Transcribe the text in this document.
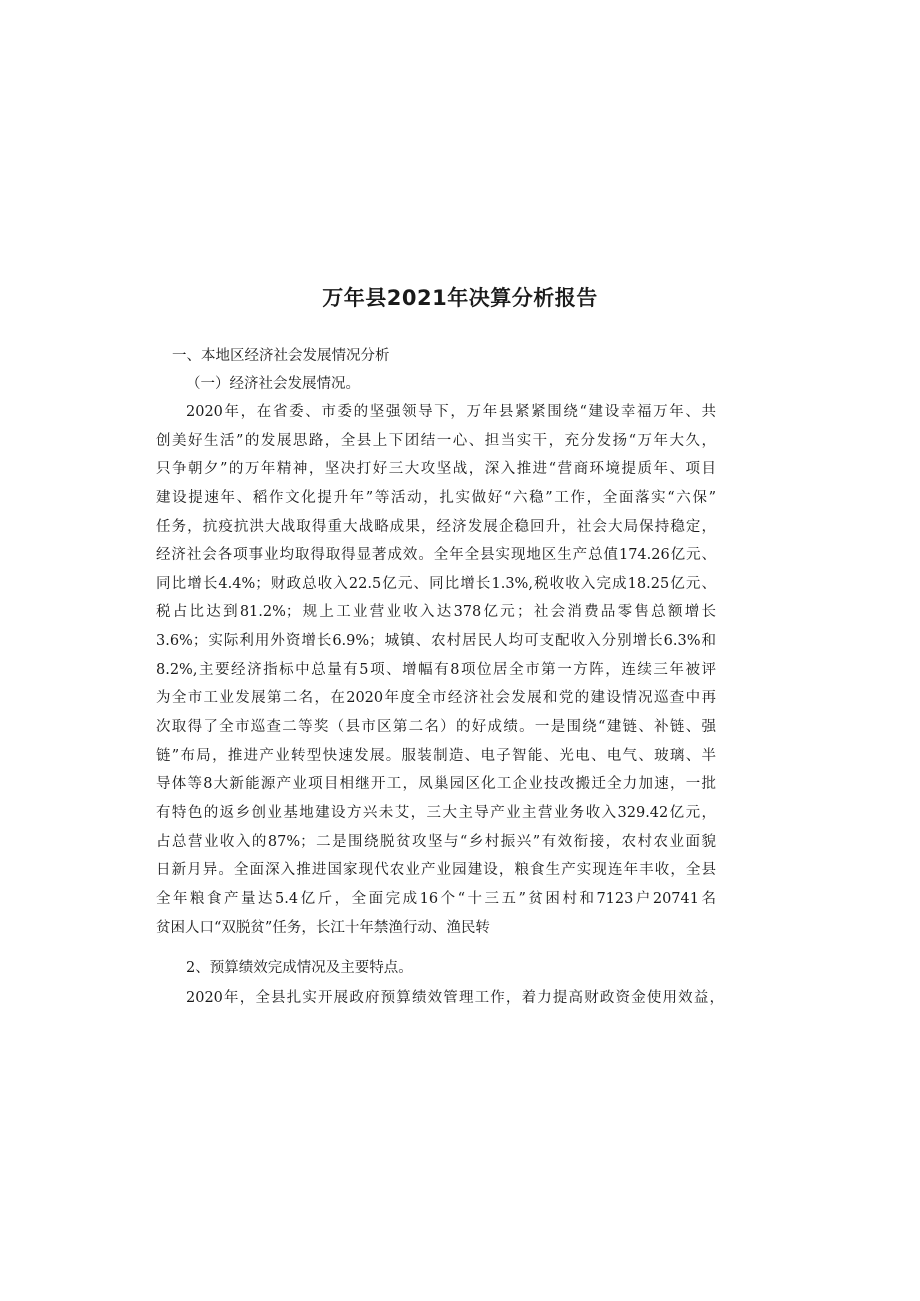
万年县2021年决算分析报告

一、本地区经济社会发展情况分析

（一）经济社会发展情况。

2020年，在省委、市委的坚强领导下，万年县紧紧围绕“建设幸福万年、共
创美好生活”的发展思路，全县上下团结一心、担当实干，充分发扬“万年大久，
只争朝夕”的万年精神，坚决打好三大攻坚战，深入推进“营商环境提质年、项目
建设提速年、稻作文化提升年”等活动，扎实做好“六稳”工作，全面落实“六保”
任务，抗疫抗洪大战取得重大战略成果，经济发展企稳回升，社会大局保持稳定，
经济社会各项事业均取得取得显著成效。全年全县实现地区生产总值174.26亿元、
同比增长4.4%；财政总收入22.5亿元、同比增长1.3%,税收收入完成18.25亿元、
税占比达到81.2%；规上工业营业收入达378亿元；社会消费品零售总额增长
3.6%；实际利用外资增长6.9%；城镇、农村居民人均可支配收入分别增长6.3%和
8.2%,主要经济指标中总量有5项、增幅有8项位居全市第一方阵，连续三年被评
为全市工业发展第二名，在2020年度全市经济社会发展和党的建设情况巡查中再
次取得了全市巡查二等奖（县市区第二名）的好成绩。一是围绕“建链、补链、强
链”布局，推进产业转型快速发展。服装制造、电子智能、光电、电气、玻璃、半
导体等8大新能源产业项目相继开工，凤巢园区化工企业技改搬迁全力加速，一批
有特色的返乡创业基地建设方兴未艾，三大主导产业主营业务收入329.42亿元，
占总营业收入的87%；二是围绕脱贫攻坚与“乡村振兴”有效衔接，农村农业面貌
日新月异。全面深入推进国家现代农业产业园建设，粮食生产实现连年丰收，全县
全年粮食产量达5.4亿斤，全面完成16个“十三五”贫困村和7123户20741名
贫困人口“双脱贫”任务，长江十年禁渔行动、渔民转

2、预算绩效完成情况及主要特点。

2020年，全县扎实开展政府预算绩效管理工作，着力提高财政资金使用效益，
